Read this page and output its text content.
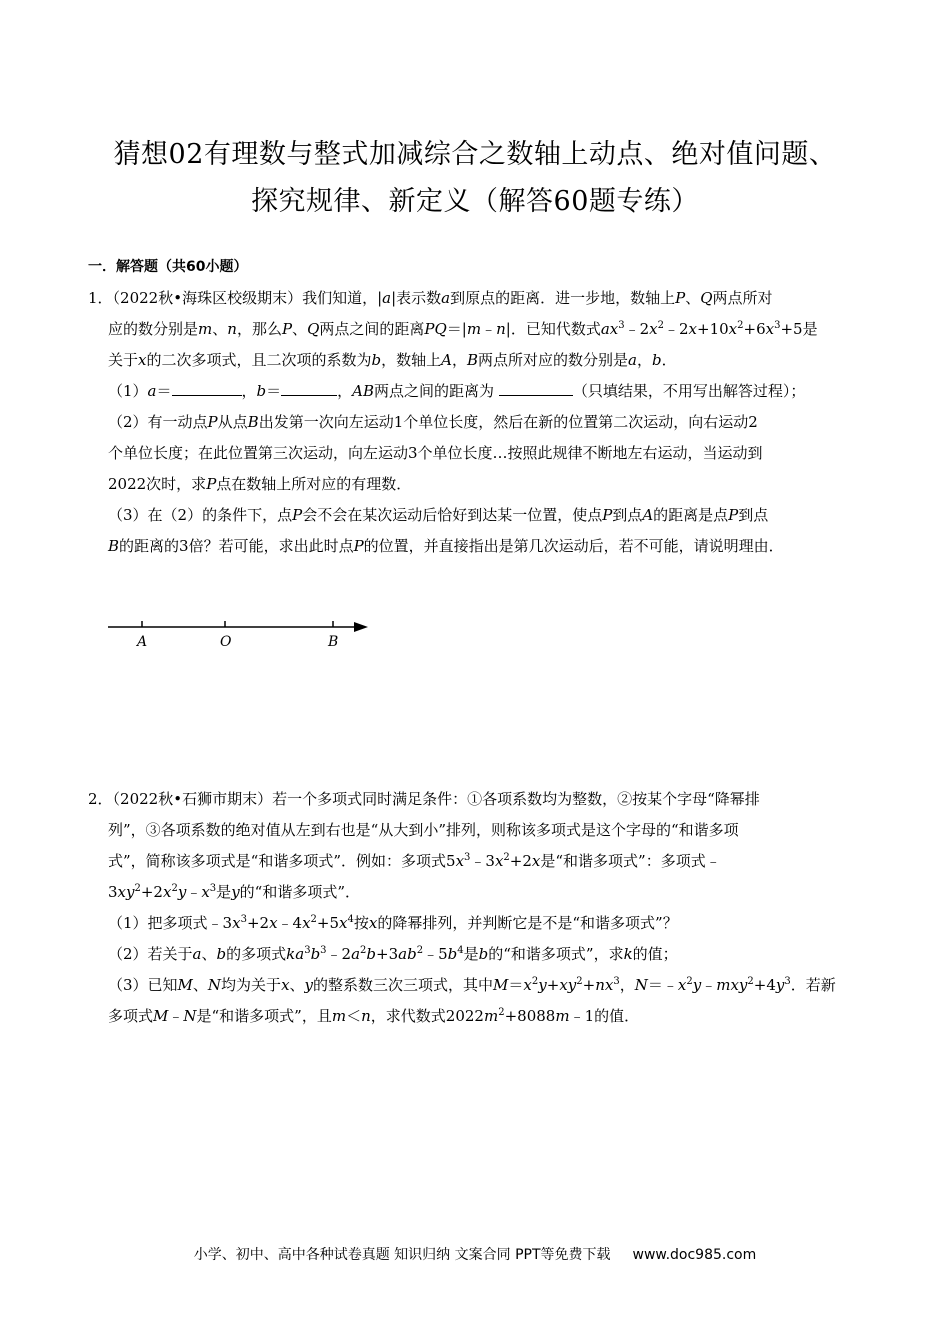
猜想02有理数与整式加减综合之数轴上动点、绝对值问题、
探究规律、新定义（解答60题专练）
一．解答题（共60小题）
1．（2022秋•海珠区校级期末）我们知道，|a|表示数a到原点的距离．进一步地，数轴上P、Q两点所对
应的数分别是m、n，那么P、Q两点之间的距离PQ＝|m﹣n|．已知代数式$ax^3﹣2x^2﹣2x+10x^2+6x^3+5$是
关于x的二次多项式，且二次项的系数为b，数轴上A，B两点所对应的数分别是a，b．
（1）a＝	，b＝	，AB两点之间的距离为	（只填结果，不用写出解答过程）；
（2）有一动点P从点B出发第一次向左运动1个单位长度，然后在新的位置第二次运动，向右运动2
个单位长度；在此位置第三次运动，向左运动3个单位长度…按照此规律不断地左右运动，当运动到
2022次时，求P点在数轴上所对应的有理数．
（3）在（2）的条件下，点P会不会在某次运动后恰好到达某一位置，使点P到点A的距离是点P到点
B的距离的3倍？若可能，求出此时点P的位置，并直接指出是第几次运动后，若不可能，请说明理由．
A	O	B
2．（2022秋•石狮市期末）若一个多项式同时满足条件：①各项系数均为整数，②按某个字母“降幂排
列”，③各项系数的绝对值从左到右也是“从大到小”排列，则称该多项式是这个字母的“和谐多项
式”，简称该多项式是“和谐多项式”．例如：多项式$5x^3﹣3x^2+2x$是“和谐多项式”：多项式﹣
$3xy^2+2x^2y﹣x^3$是y的“和谐多项式”．
（1）把多项式$﹣3x^3+2x﹣4x^2+5x^4$按x的降幂排列，并判断它是不是“和谐多项式”？
（2）若关于a、b的多项式$ka^3b^3﹣2a^2b+3ab^2﹣5b^4$是b的“和谐多项式”，求k的值；
（3）已知M、N均为关于x、y的整系数三次三项式，其中$M=x^2y+xy^2+nx^3$，$N=﹣x^2y﹣mxy^2+4y^3$．若新
多项式M﹣N是“和谐多项式”，且m＜n，求代数式$2022m^2+8088m﹣1$的值．
小学、初中、高中各种试卷真题 知识归纳 文案合同 PPT等免费下载 www.doc985.com
